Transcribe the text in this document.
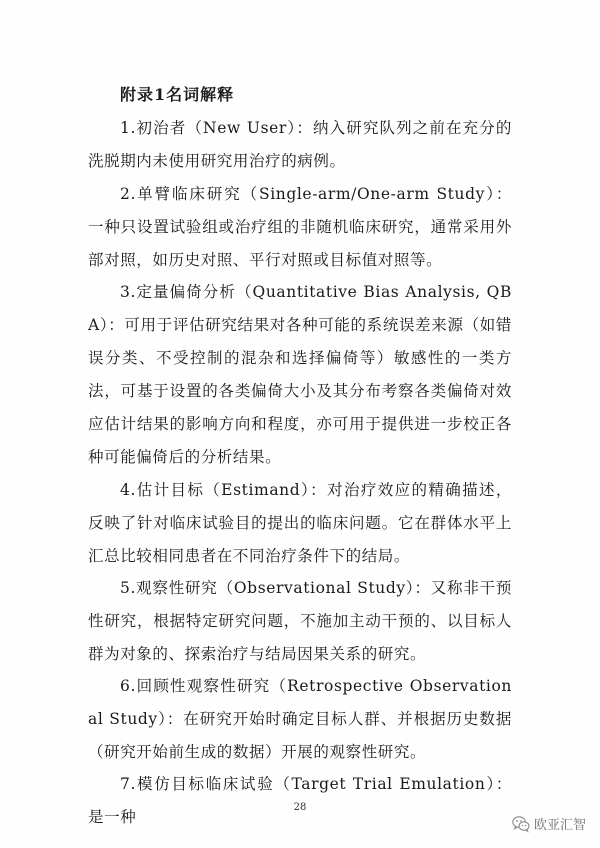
附录1名词解释
1.初治者（New User）：纳入研究队列之前在充分的洗脱期内未使用研究用治疗的病例。
2.单臂临床研究（Single-arm/One-arm Study）：一种只设置试验组或治疗组的非随机临床研究，通常采用外部对照，如历史对照、平行对照或目标值对照等。
3.定量偏倚分析（Quantitative Bias Analysis, QBA）：可用于评估研究结果对各种可能的系统误差来源（如错误分类、不受控制的混杂和选择偏倚等）敏感性的一类方法，可基于设置的各类偏倚大小及其分布考察各类偏倚对效应估计结果的影响方向和程度，亦可用于提供进一步校正各种可能偏倚后的分析结果。
4.估计目标（Estimand）：对治疗效应的精确描述，反映了针对临床试验目的提出的临床问题。它在群体水平上汇总比较相同患者在不同治疗条件下的结局。
5.观察性研究（Observational Study）：又称非干预性研究，根据特定研究问题，不施加主动干预的、以目标人群为对象的、探索治疗与结局因果关系的研究。
6.回顾性观察性研究（Retrospective Observational Study）：在研究开始时确定目标人群、并根据历史数据（研究开始前生成的数据）开展的观察性研究。
7.模仿目标临床试验（Target Trial Emulation）：是一种
28
欧亚汇智
